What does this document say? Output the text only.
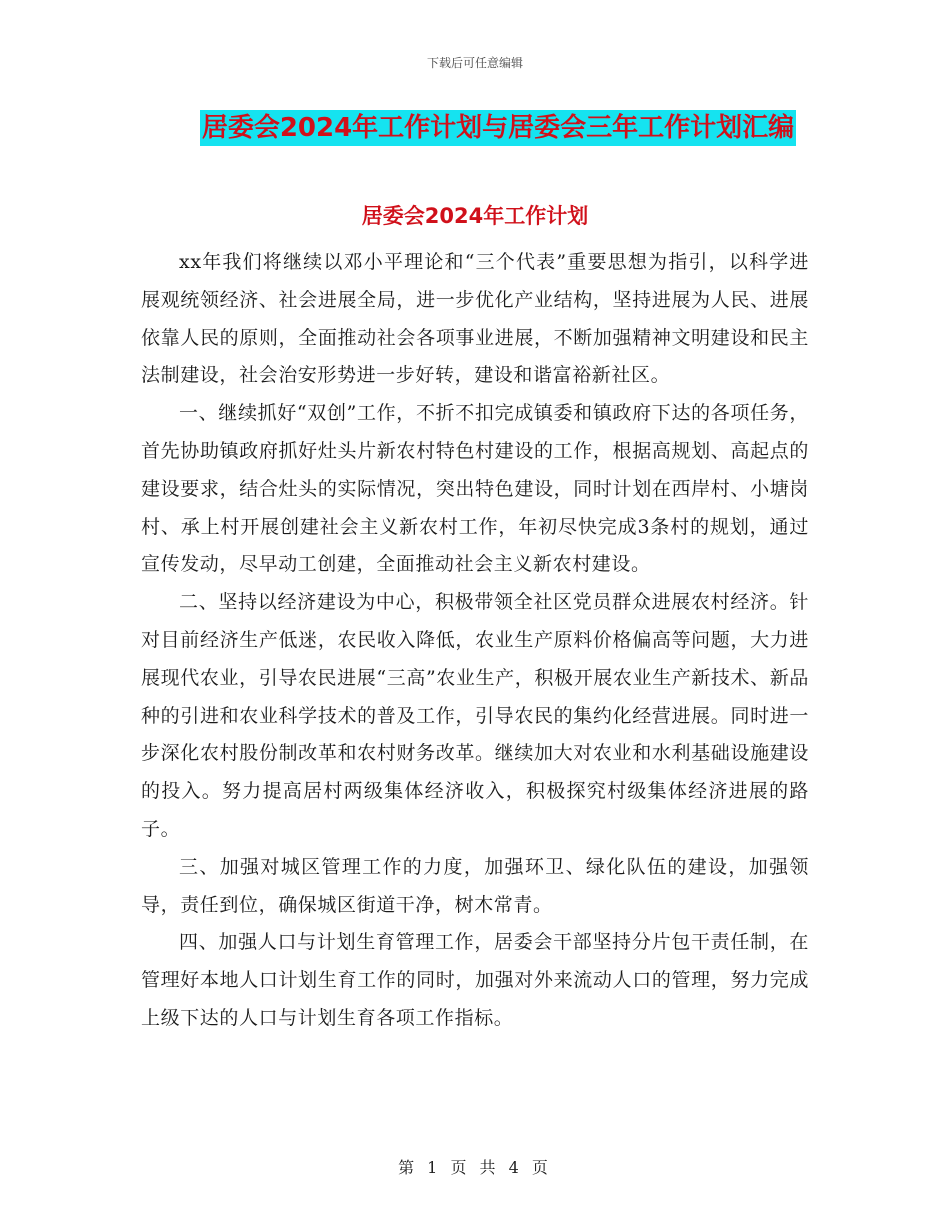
下载后可任意编辑
居委会2024年工作计划与居委会三年工作计划汇编
居委会2024年工作计划

xx年我们将继续以邓小平理论和“三个代表”重要思想为指引，以科学进展观统领经济、社会进展全局，进一步优化产业结构，坚持进展为人民、进展依靠人民的原则，全面推动社会各项事业进展，不断加强精神文明建设和民主法制建设，社会治安形势进一步好转，建设和谐富裕新社区。

一、继续抓好“双创”工作，不折不扣完成镇委和镇政府下达的各项任务，首先协助镇政府抓好灶头片新农村特色村建设的工作，根据高规划、高起点的建设要求，结合灶头的实际情况，突出特色建设，同时计划在西岸村、小塘岗村、承上村开展创建社会主义新农村工作，年初尽快完成3条村的规划，通过宣传发动，尽早动工创建，全面推动社会主义新农村建设。

二、坚持以经济建设为中心，积极带领全社区党员群众进展农村经济。针对目前经济生产低迷，农民收入降低，农业生产原料价格偏高等问题，大力进展现代农业，引导农民进展“三高”农业生产，积极开展农业生产新技术、新品种的引进和农业科学技术的普及工作，引导农民的集约化经营进展。同时进一步深化农村股份制改革和农村财务改革。继续加大对农业和水利基础设施建设的投入。努力提高居村两级集体经济收入，积极探究村级集体经济进展的路子。

三、加强对城区管理工作的力度，加强环卫、绿化队伍的建设，加强领导，责任到位，确保城区街道干净，树木常青。

四、加强人口与计划生育管理工作，居委会干部坚持分片包干责任制，在管理好本地人口计划生育工作的同时，加强对外来流动人口的管理，努力完成上级下达的人口与计划生育各项工作指标。

第 1 页 共 4 页
